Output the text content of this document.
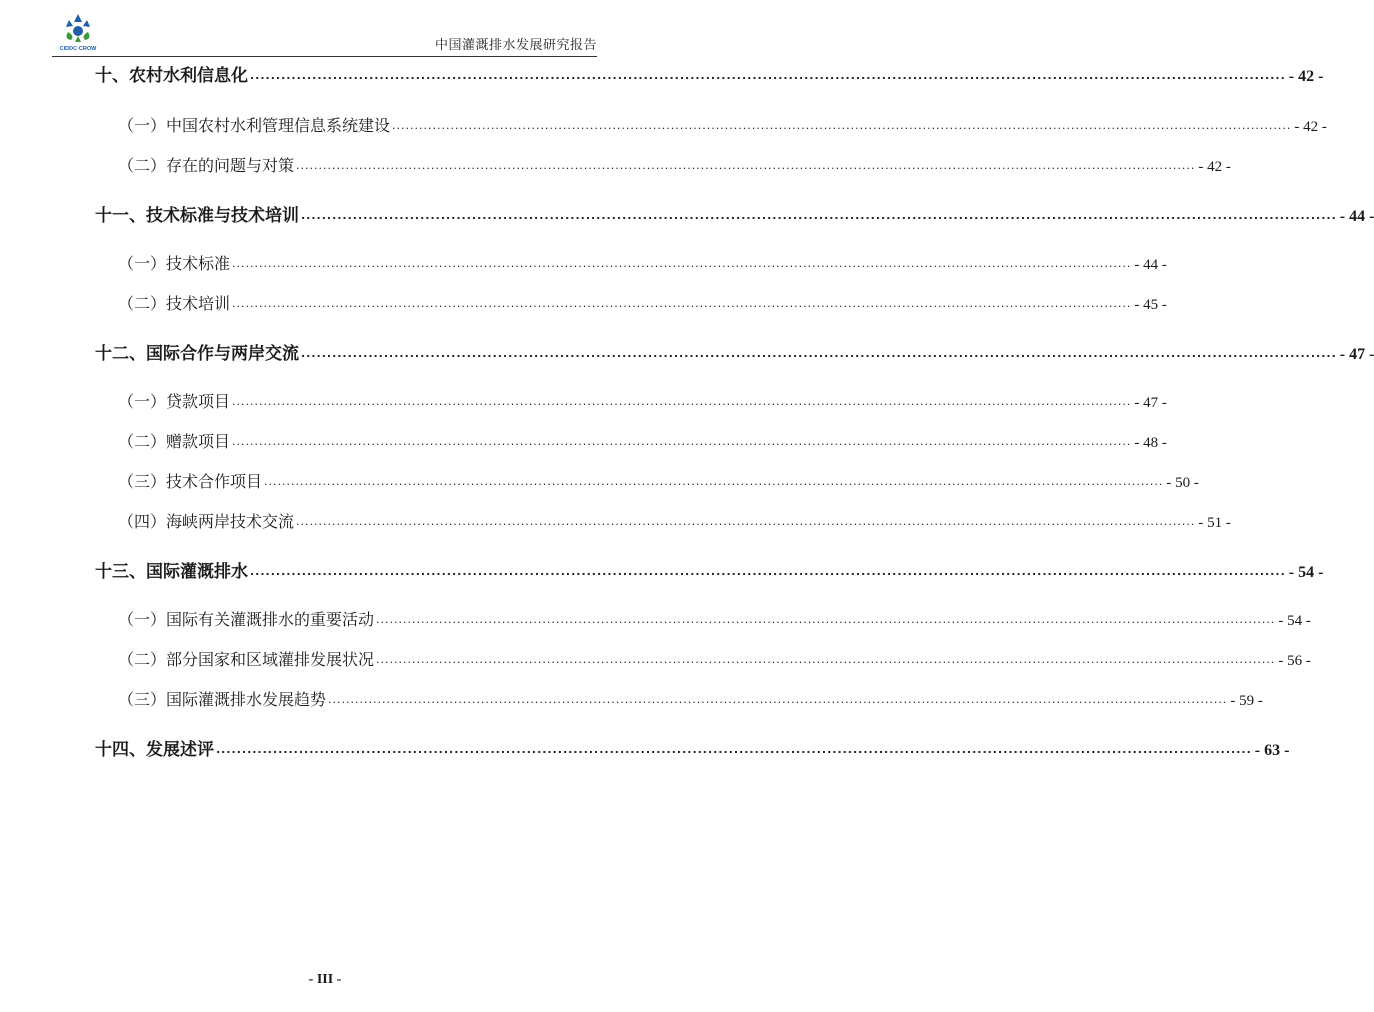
CIDDC·CROW	中国灌溉排水发展研究报告
十、农村水利信息化 ........................................................................................................................................................................................................ - 42 -
（一）中国农村水利管理信息系统建设 ........................................................................................................................................................................................................ - 42 -
（二）存在的问题与对策 ........................................................................................................................................................................................................ - 42 -
十一、技术标准与技术培训 ........................................................................................................................................................................................................ - 44 -
（一）技术标准 ........................................................................................................................................................................................................ - 44 -
（二）技术培训 ........................................................................................................................................................................................................ - 45 -
十二、国际合作与两岸交流 ........................................................................................................................................................................................................ - 47 -
（一）贷款项目 ........................................................................................................................................................................................................ - 47 -
（二）赠款项目 ........................................................................................................................................................................................................ - 48 -
（三）技术合作项目 ........................................................................................................................................................................................................ - 50 -
（四）海峡两岸技术交流 ........................................................................................................................................................................................................ - 51 -
十三、国际灌溉排水 ........................................................................................................................................................................................................ - 54 -
（一）国际有关灌溉排水的重要活动 ........................................................................................................................................................................................................ - 54 -
（二）部分国家和区域灌排发展状况 ........................................................................................................................................................................................................ - 56 -
（三）国际灌溉排水发展趋势 ........................................................................................................................................................................................................ - 59 -
十四、发展述评 ........................................................................................................................................................................................................ - 63 -
- III -
